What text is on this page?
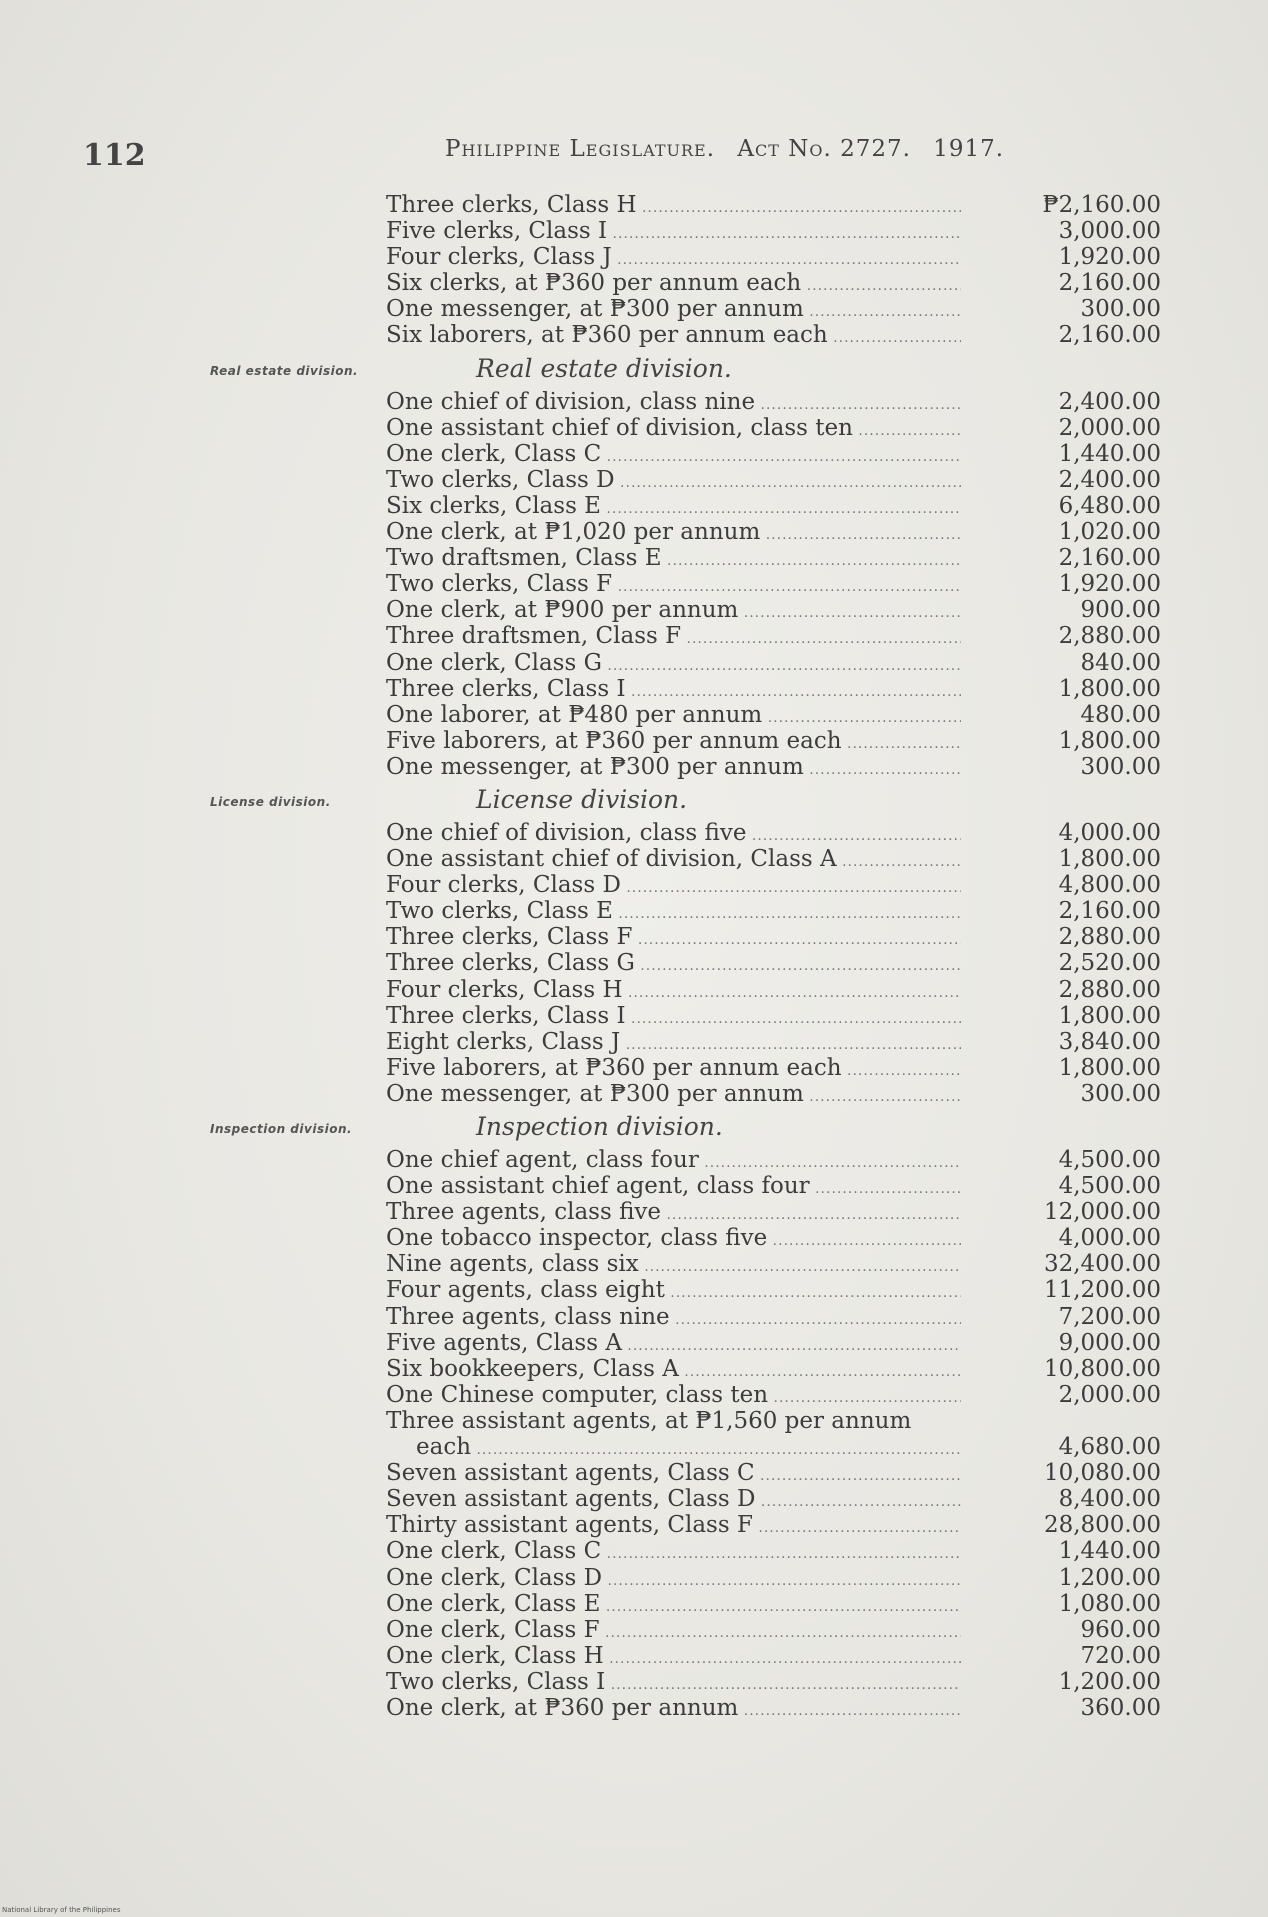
112	Philippine Legislature. Act No. 2727. 1917.
Three clerks, Class H .....	₱2,160.00
Five clerks, Class I .....	3,000.00
Four clerks, Class J .....	1,920.00
Six clerks, at ₱360 per annum each .....	2,160.00
One messenger, at ₱300 per annum .....	300.00
Six laborers, at ₱360 per annum each .....	2,160.00
Real estate division.
Real estate division.
One chief of division, class nine .....	2,400.00
One assistant chief of division, class ten .....	2,000.00
One clerk, Class C .....	1,440.00
Two clerks, Class D .....	2,400.00
Six clerks, Class E .....	6,480.00
One clerk, at ₱1,020 per annum .....	1,020.00
Two draftsmen, Class E .....	2,160.00
Two clerks, Class F .....	1,920.00
One clerk, at ₱900 per annum .....	900.00
Three draftsmen, Class F .....	2,880.00
One clerk, Class G .....	840.00
Three clerks, Class I .....	1,800.00
One laborer, at ₱480 per annum .....	480.00
Five laborers, at ₱360 per annum each .....	1,800.00
One messenger, at ₱300 per annum .....	300.00
License division.
License division.
One chief of division, class five .....	4,000.00
One assistant chief of division, Class A .....	1,800.00
Four clerks, Class D .....	4,800.00
Two clerks, Class E .....	2,160.00
Three clerks, Class F .....	2,880.00
Three clerks, Class G .....	2,520.00
Four clerks, Class H .....	2,880.00
Three clerks, Class I .....	1,800.00
Eight clerks, Class J .....	3,840.00
Five laborers, at ₱360 per annum each .....	1,800.00
One messenger, at ₱300 per annum .....	300.00
Inspection division.
Inspection division.
One chief agent, class four .....	4,500.00
One assistant chief agent, class four .....	4,500.00
Three agents, class five .....	12,000.00
One tobacco inspector, class five .....	4,000.00
Nine agents, class six .....	32,400.00
Four agents, class eight .....	11,200.00
Three agents, class nine .....	7,200.00
Five agents, Class A .....	9,000.00
Six bookkeepers, Class A .....	10,800.00
One Chinese computer, class ten .....	2,000.00
Three assistant agents, at ₱1,560 per annum
each .....	4,680.00
Seven assistant agents, Class C .....	10,080.00
Seven assistant agents, Class D .....	8,400.00
Thirty assistant agents, Class F .....	28,800.00
One clerk, Class C .....	1,440.00
One clerk, Class D .....	1,200.00
One clerk, Class E .....	1,080.00
One clerk, Class F .....	960.00
One clerk, Class H .....	720.00
Two clerks, Class I .....	1,200.00
One clerk, at ₱360 per annum .....	360.00
National Library of the Philippines
